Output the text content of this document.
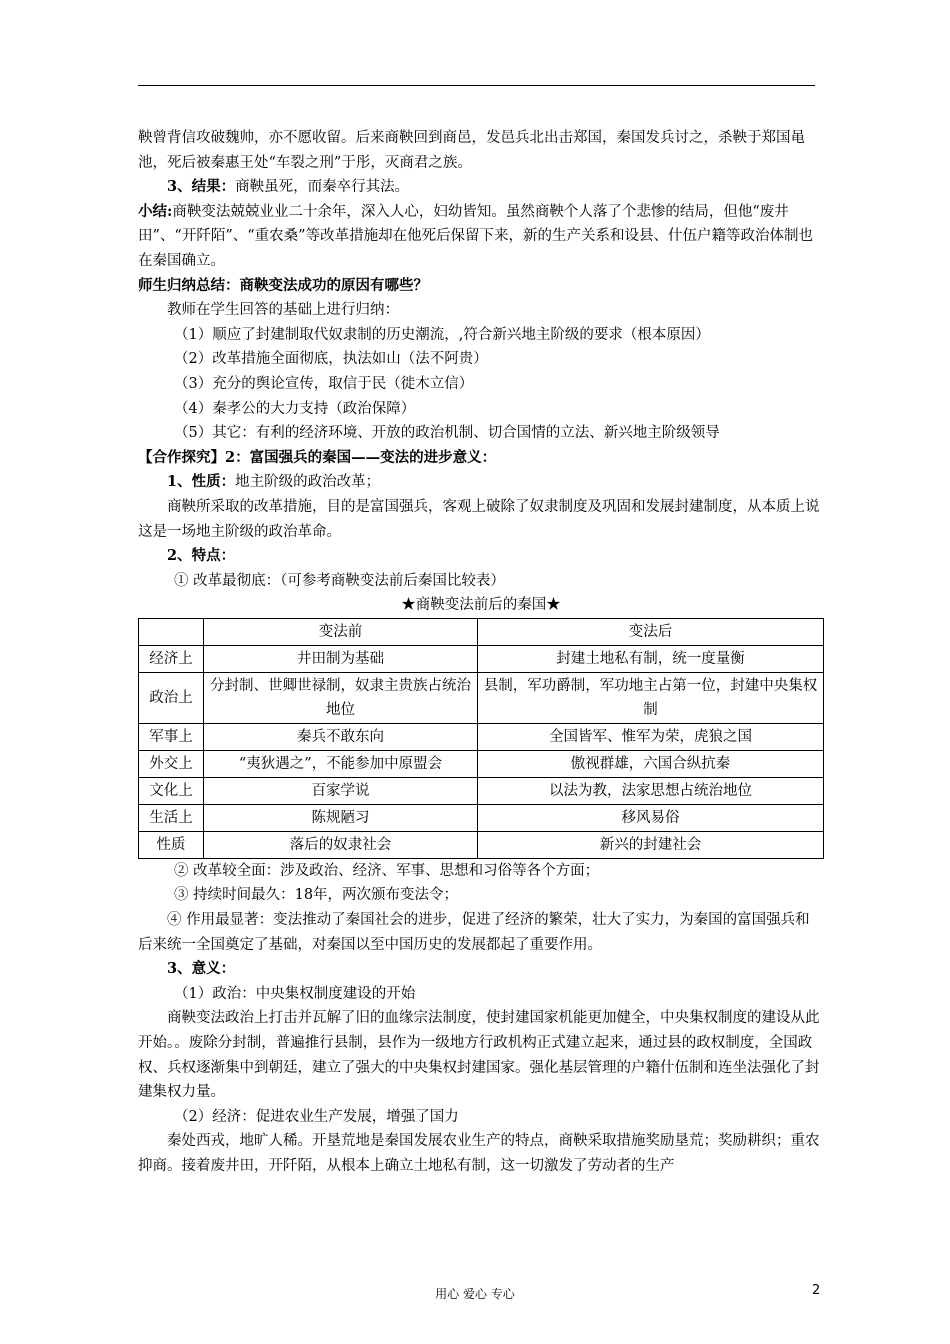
鞅曾背信攻破魏帅，亦不愿收留。后来商鞅回到商邑，发邑兵北出击郑国，秦国发兵讨之，杀鞅于郑国黾池，死后被秦惠王处“车裂之刑”于彤，灭商君之族。

3、结果：商鞅虽死，而秦卒行其法。

小结:商鞅变法兢兢业业二十余年，深入人心，妇幼皆知。虽然商鞅个人落了个悲惨的结局，但他“废井田”、“开阡陌”、“重农桑”等改革措施却在他死后保留下来，新的生产关系和设县、什伍户籍等政治体制也在秦国确立。

师生归纳总结：商鞅变法成功的原因有哪些？

教师在学生回答的基础上进行归纳：

（1）顺应了封建制取代奴隶制的历史潮流，,符合新兴地主阶级的要求（根本原因）

（2）改革措施全面彻底，执法如山（法不阿贵）

（3）充分的舆论宣传，取信于民（徙木立信）

（4）秦孝公的大力支持（政治保障）

（5）其它：有利的经济环境、开放的政治机制、切合国情的立法、新兴地主阶级领导

【合作探究】2：富国强兵的秦国——变法的进步意义：

1、性质：地主阶级的政治改革；

商鞅所采取的改革措施，目的是富国强兵，客观上破除了奴隶制度及巩固和发展封建制度，从本质上说这是一场地主阶级的政治革命。

2、特点：

① 改革最彻底：（可参考商鞅变法前后秦国比较表）

★商鞅变法前后的秦国★

	变法前	变法后
经济上	井田制为基础	封建土地私有制，统一度量衡
政治上	分封制、世卿世禄制，奴隶主贵族占统治地位	县制，军功爵制，军功地主占第一位，封建中央集权制
军事上	秦兵不敢东向	全国皆军、惟军为荣，虎狼之国
外交上	“夷狄遇之”，不能参加中原盟会	傲视群雄，六国合纵抗秦
文化上	百家学说	以法为教，法家思想占统治地位
生活上	陈规陋习	移风易俗
性质	落后的奴隶社会	新兴的封建社会

② 改革较全面：涉及政治、经济、军事、思想和习俗等各个方面；

③ 持续时间最久：18年，两次颁布变法令；

④ 作用最显著：变法推动了秦国社会的进步，促进了经济的繁荣，壮大了实力，为秦国的富国强兵和后来统一全国奠定了基础，对秦国以至中国历史的发展都起了重要作用。

3、意义：

（1）政治：中央集权制度建设的开始

商鞅变法政治上打击并瓦解了旧的血缘宗法制度，使封建国家机能更加健全，中央集权制度的建设从此开始。。废除分封制，普遍推行县制，县作为一级地方行政机构正式建立起来，通过县的政权制度，全国政权、兵权逐渐集中到朝廷，建立了强大的中央集权封建国家。强化基层管理的户籍什伍制和连坐法强化了封建集权力量。

（2）经济：促进农业生产发展，增强了国力

秦处西戎，地旷人稀。开垦荒地是秦国发展农业生产的特点，商鞅采取措施奖励垦荒；奖励耕织；重农抑商。接着废井田，开阡陌，从根本上确立土地私有制，这一切激发了劳动者的生产

用心 爱心 专心	2
